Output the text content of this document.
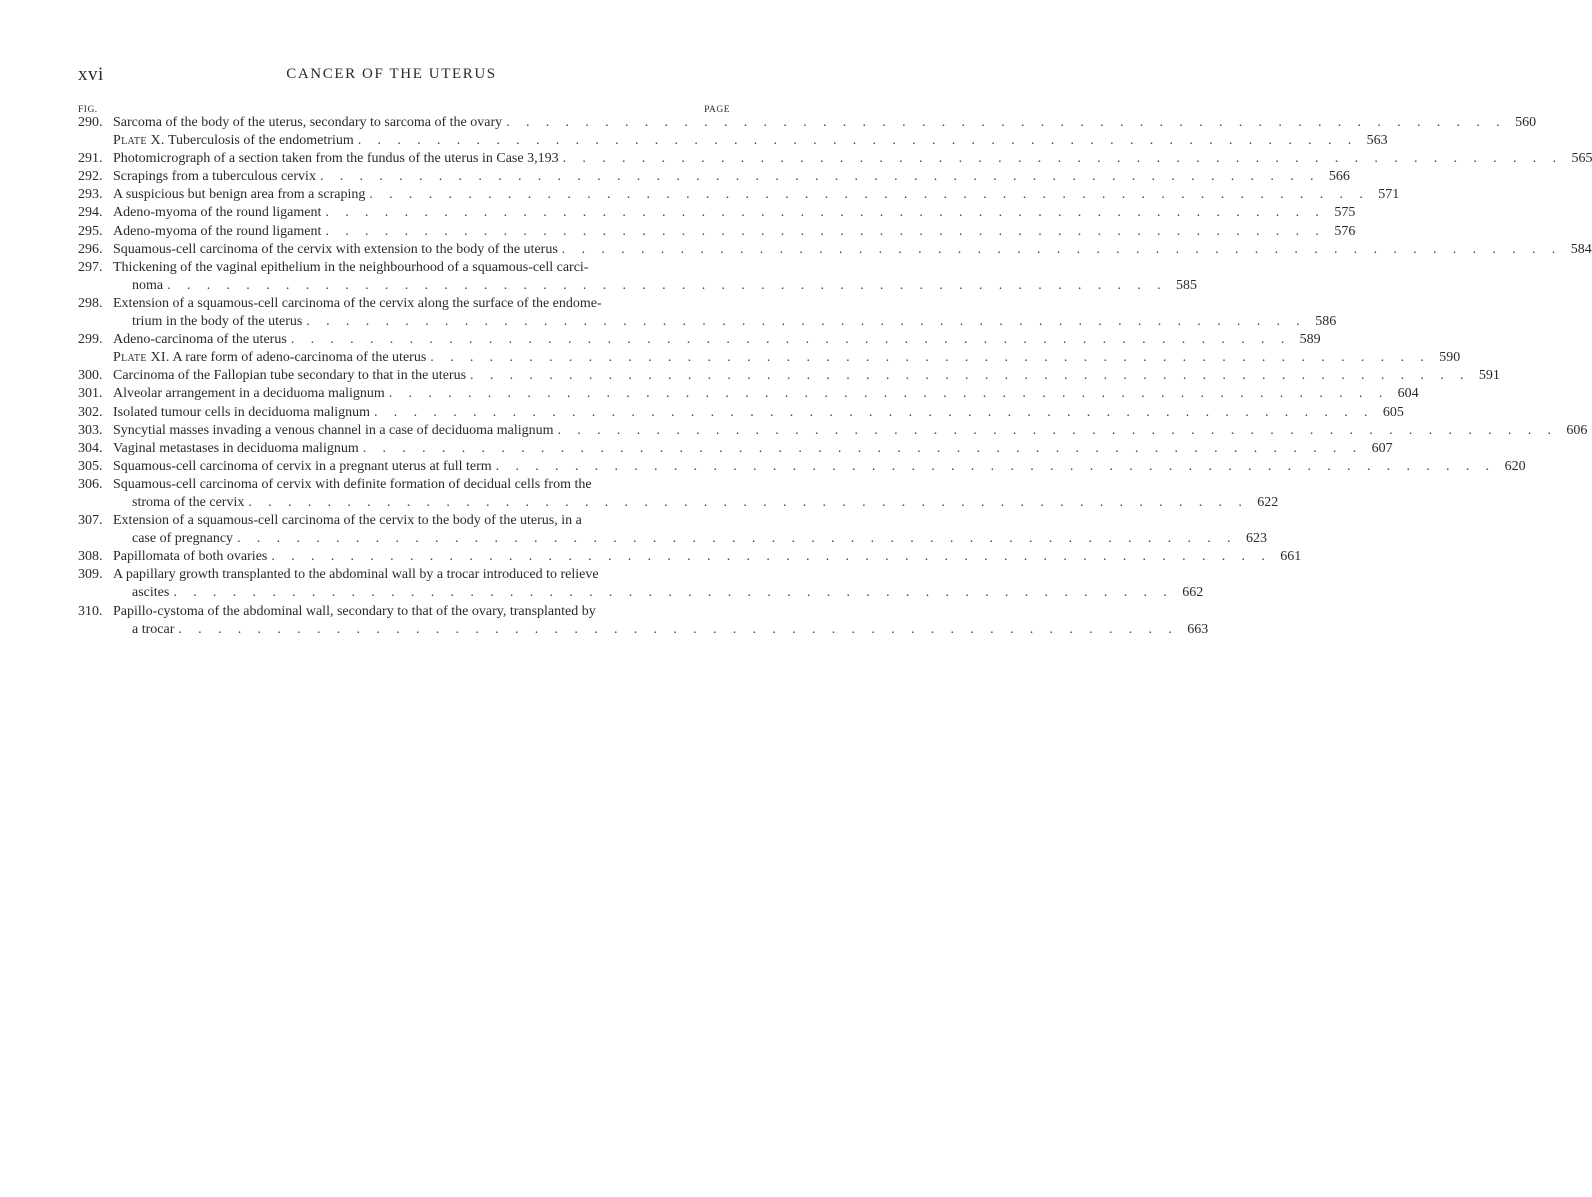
xvi	CANCER OF THE UTERUS
FIG.	PAGE
290. Sarcoma of the body of the uterus, secondary to sarcoma of the ovary . . .	560
Plate X. Tuberculosis of the endometrium . . .	563
291. Photomicrograph of a section taken from the fundus of the uterus in Case 3,193 . . .	565
292. Scrapings from a tuberculous cervix . . .	566
293. A suspicious but benign area from a scraping . . .	571
294. Adeno-myoma of the round ligament . . .	575
295. Adeno-myoma of the round ligament . . .	576
296. Squamous-cell carcinoma of the cervix with extension to the body of the uterus . . .	584
297. Thickening of the vaginal epithelium in the neighbourhood of a squamous-cell carci-
noma . . .	585
298. Extension of a squamous-cell carcinoma of the cervix along the surface of the endome-
trium in the body of the uterus . . .	586
299. Adeno-carcinoma of the uterus . . .	589
Plate XI. A rare form of adeno-carcinoma of the uterus . . .	590
300. Carcinoma of the Fallopian tube secondary to that in the uterus . . .	591
301. Alveolar arrangement in a deciduoma malignum . . .	604
302. Isolated tumour cells in deciduoma malignum . . .	605
303. Syncytial masses invading a venous channel in a case of deciduoma malignum . . .	606
304. Vaginal metastases in deciduoma malignum . . .	607
305. Squamous-cell carcinoma of cervix in a pregnant uterus at full term . . .	620
306. Squamous-cell carcinoma of cervix with definite formation of decidual cells from the
stroma of the cervix . . .	622
307. Extension of a squamous-cell carcinoma of the cervix to the body of the uterus, in a
case of pregnancy . . .	623
308. Papillomata of both ovaries . . .	661
309. A papillary growth transplanted to the abdominal wall by a trocar introduced to relieve
ascites . . .	662
310. Papillo-cystoma of the abdominal wall, secondary to that of the ovary, transplanted by
a trocar . . .	663
